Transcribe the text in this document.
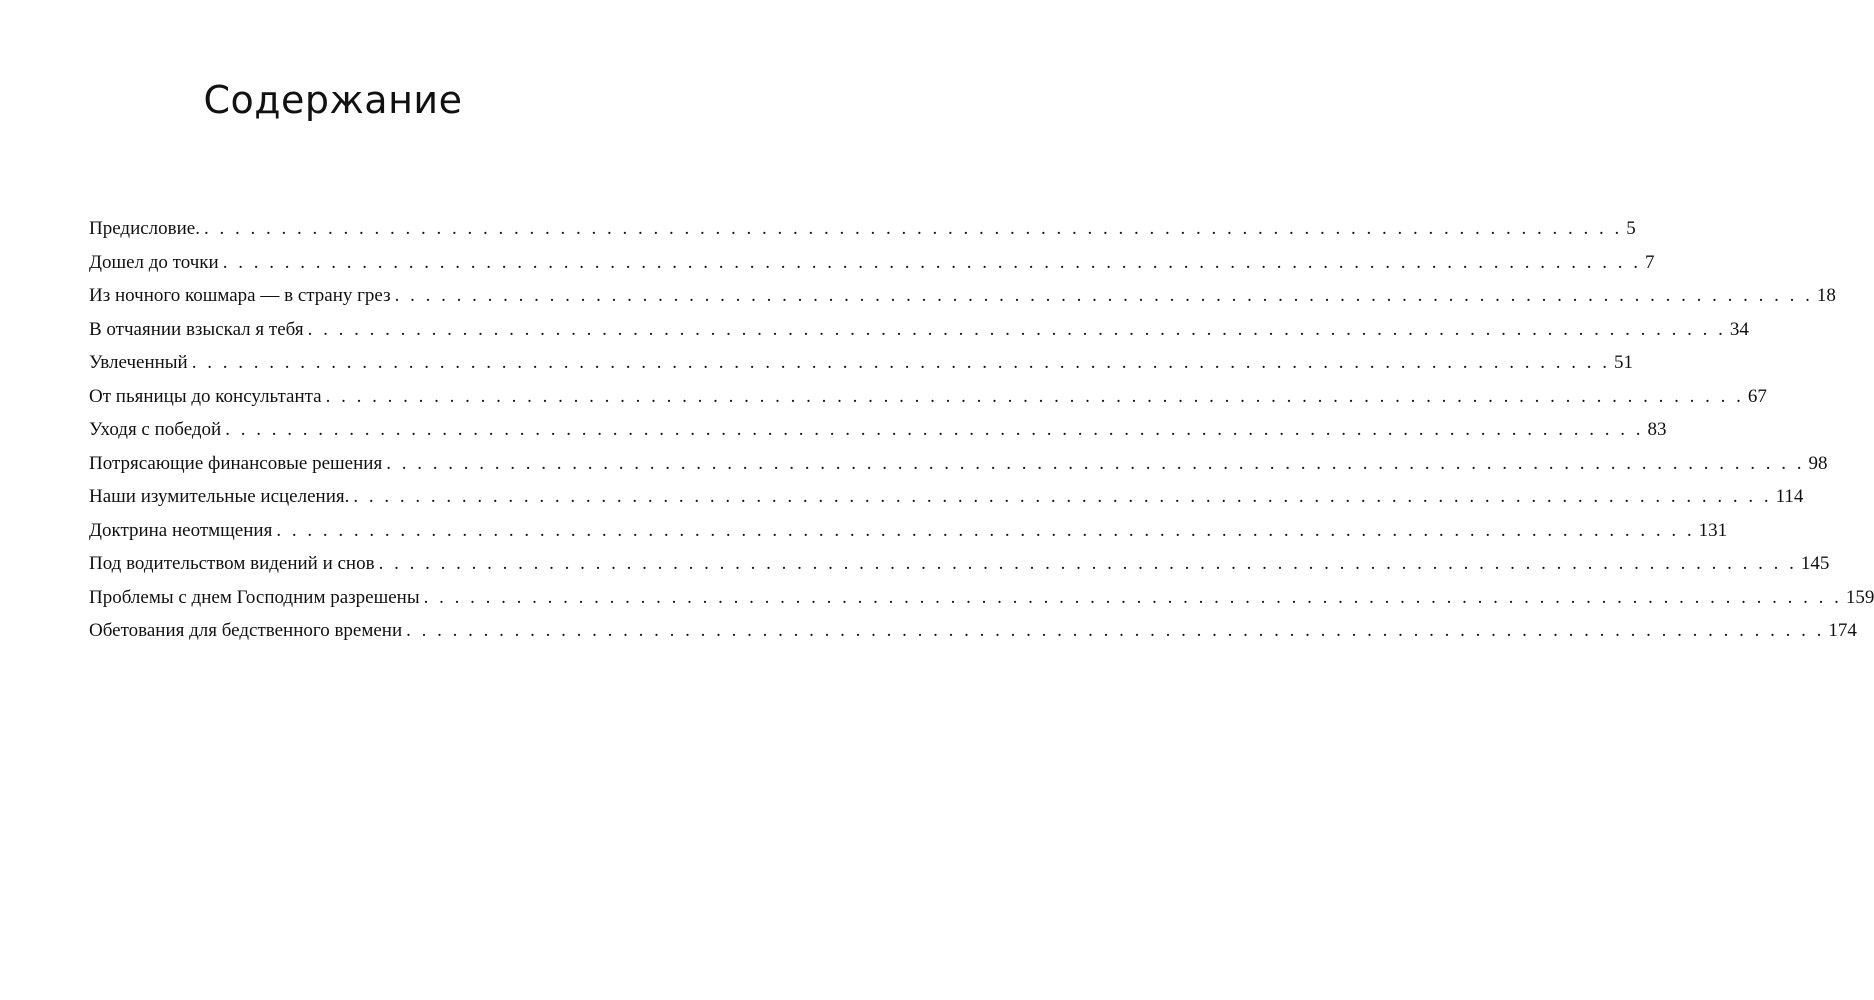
Содержание
Предисловие. . . . . . . . . . . . . . . . . . . . . . . . . . . . . . . . . . . . . . . . . . . . . . . . . . . . . . . . . . . . . . . . . . . . . . . . . . . . . . . . . . . . . . . . . . . . . 5
Дошел до точки . . . . . . . . . . . . . . . . . . . . . . . . . . . . . . . . . . . . . . . . . . . . . . . . . . . . . . . . . . . . . . . . . . . . . . . . . . . . . . . . . . . . . . . . . . . . 7
Из ночного кошмара — в страну грез . . . . . . . . . . . . . . . . . . . . . . . . . . . . . . . . . . . . . . . . . . . . . . . . . . . . . . . . . . . . . . . . . . . . . . . . . . . . . . . . . . . . . . . . . . . . 18
В отчаянии взыскал я тебя . . . . . . . . . . . . . . . . . . . . . . . . . . . . . . . . . . . . . . . . . . . . . . . . . . . . . . . . . . . . . . . . . . . . . . . . . . . . . . . . . . . . . . . . . . . . 34
Увлеченный . . . . . . . . . . . . . . . . . . . . . . . . . . . . . . . . . . . . . . . . . . . . . . . . . . . . . . . . . . . . . . . . . . . . . . . . . . . . . . . . . . . . . . . . . . . . 51
От пьяницы до консультанта . . . . . . . . . . . . . . . . . . . . . . . . . . . . . . . . . . . . . . . . . . . . . . . . . . . . . . . . . . . . . . . . . . . . . . . . . . . . . . . . . . . . . . . . . . . . 67
Уходя с победой . . . . . . . . . . . . . . . . . . . . . . . . . . . . . . . . . . . . . . . . . . . . . . . . . . . . . . . . . . . . . . . . . . . . . . . . . . . . . . . . . . . . . . . . . . . . 83
Потрясающие финансовые решения . . . . . . . . . . . . . . . . . . . . . . . . . . . . . . . . . . . . . . . . . . . . . . . . . . . . . . . . . . . . . . . . . . . . . . . . . . . . . . . . . . . . . . . . . . . . 98
Наши изумительные исцеления. . . . . . . . . . . . . . . . . . . . . . . . . . . . . . . . . . . . . . . . . . . . . . . . . . . . . . . . . . . . . . . . . . . . . . . . . . . . . . . . . . . . . . . . . . . . . 114
Доктрина неотмщения . . . . . . . . . . . . . . . . . . . . . . . . . . . . . . . . . . . . . . . . . . . . . . . . . . . . . . . . . . . . . . . . . . . . . . . . . . . . . . . . . . . . . . . . . . . . 131
Под водительством видений и снов . . . . . . . . . . . . . . . . . . . . . . . . . . . . . . . . . . . . . . . . . . . . . . . . . . . . . . . . . . . . . . . . . . . . . . . . . . . . . . . . . . . . . . . . . . . . 145
Проблемы с днем Господним разрешены . . . . . . . . . . . . . . . . . . . . . . . . . . . . . . . . . . . . . . . . . . . . . . . . . . . . . . . . . . . . . . . . . . . . . . . . . . . . . . . . . . . . . . . . . . . . 159
Обетования для бедственного времени . . . . . . . . . . . . . . . . . . . . . . . . . . . . . . . . . . . . . . . . . . . . . . . . . . . . . . . . . . . . . . . . . . . . . . . . . . . . . . . . . . . . . . . . . . . . 174
